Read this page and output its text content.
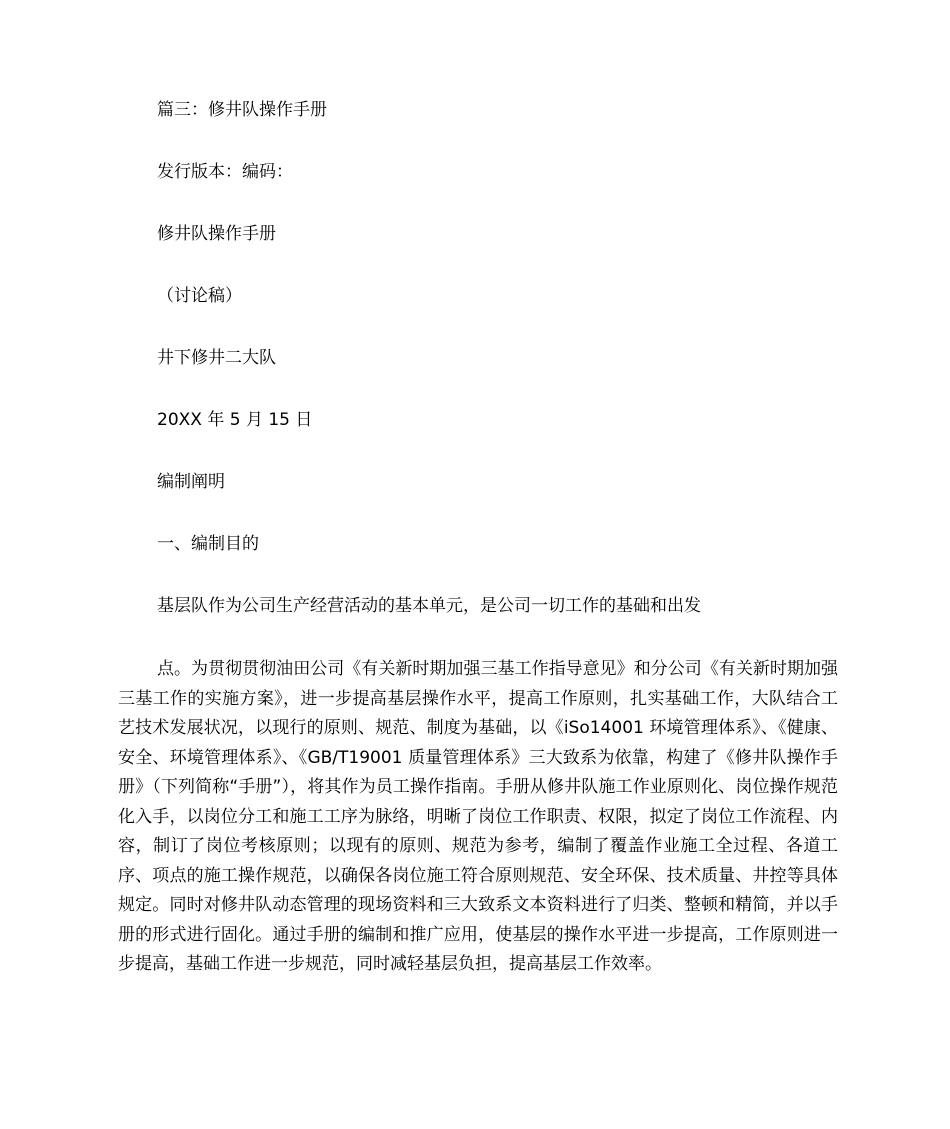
篇三：修井队操作手册

发行版本：编码：

修井队操作手册

（讨论稿）

井下修井二大队

20XX 年 5 月 15 日

编制阐明

一、编制目的

基层队作为公司生产经营活动的基本单元，是公司一切工作的基础和出发

点。为贯彻贯彻油田公司《有关新时期加强三基工作指导意见》和分公司《有关新时期加强三基工作的实施方案》，进一步提高基层操作水平，提高工作原则，扎实基础工作，大队结合工艺技术发展状况，以现行的原则、规范、制度为基础，以《iSo14001 环境管理体系》、《健康、安全、环境管理体系》、《GB/T19001 质量管理体系》三大致系为依靠，构建了《修井队操作手册》（下列简称“手册”），将其作为员工操作指南。手册从修井队施工作业原则化、岗位操作规范化入手，以岗位分工和施工工序为脉络，明晰了岗位工作职责、权限，拟定了岗位工作流程、内容，制订了岗位考核原则；以现有的原则、规范为参考，编制了覆盖作业施工全过程、各道工序、项点的施工操作规范，以确保各岗位施工符合原则规范、安全环保、技术质量、井控等具体规定。同时对修井队动态管理的现场资料和三大致系文本资料进行了归类、整顿和精简，并以手册的形式进行固化。通过手册的编制和推广应用，使基层的操作水平进一步提高，工作原则进一步提高，基础工作进一步规范，同时减轻基层负担，提高基层工作效率。
